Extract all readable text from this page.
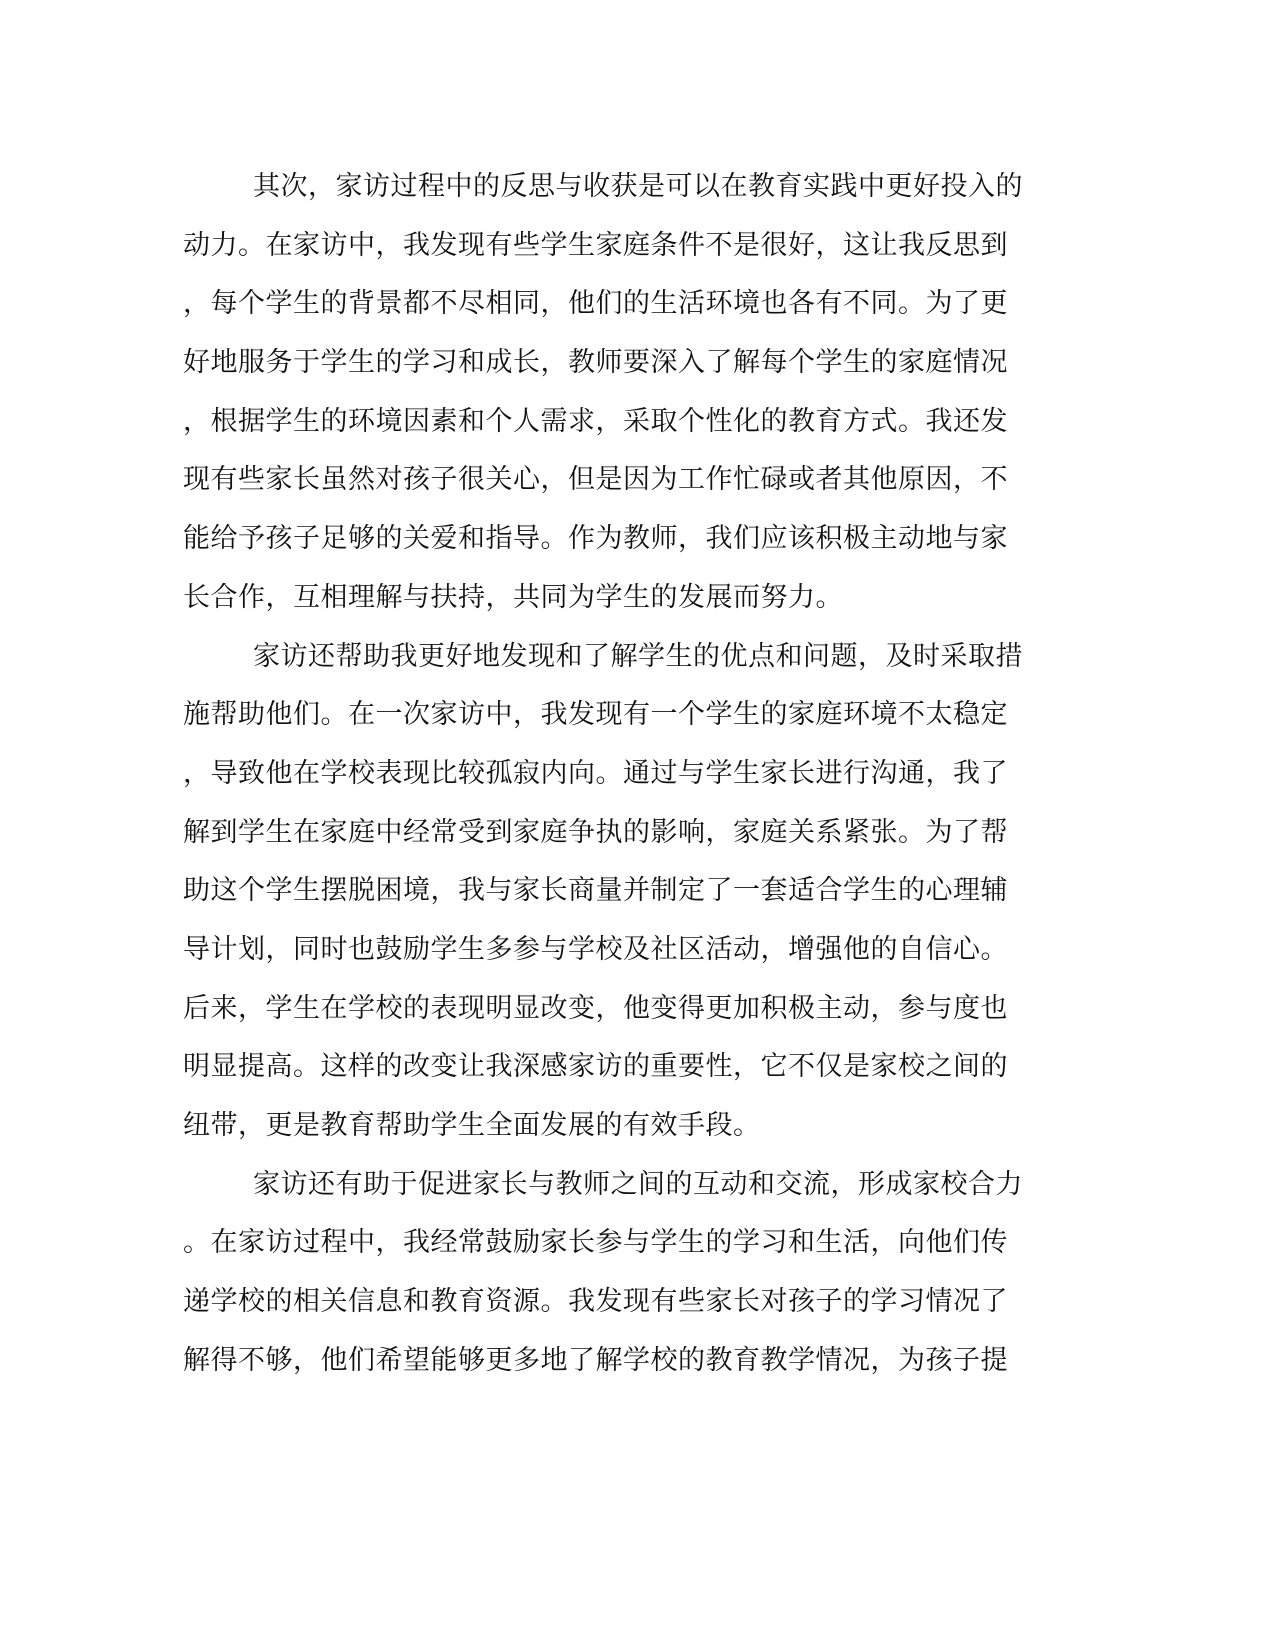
其次，家访过程中的反思与收获是可以在教育实践中更好投入的
动力。在家访中，我发现有些学生家庭条件不是很好，这让我反思到
，每个学生的背景都不尽相同，他们的生活环境也各有不同。为了更
好地服务于学生的学习和成长，教师要深入了解每个学生的家庭情况
，根据学生的环境因素和个人需求，采取个性化的教育方式。我还发
现有些家长虽然对孩子很关心，但是因为工作忙碌或者其他原因，不
能给予孩子足够的关爱和指导。作为教师，我们应该积极主动地与家
长合作，互相理解与扶持，共同为学生的发展而努力。
家访还帮助我更好地发现和了解学生的优点和问题，及时采取措
施帮助他们。在一次家访中，我发现有一个学生的家庭环境不太稳定
，导致他在学校表现比较孤寂内向。通过与学生家长进行沟通，我了
解到学生在家庭中经常受到家庭争执的影响，家庭关系紧张。为了帮
助这个学生摆脱困境，我与家长商量并制定了一套适合学生的心理辅
导计划，同时也鼓励学生多参与学校及社区活动，增强他的自信心。
后来，学生在学校的表现明显改变，他变得更加积极主动，参与度也
明显提高。这样的改变让我深感家访的重要性，它不仅是家校之间的
纽带，更是教育帮助学生全面发展的有效手段。
家访还有助于促进家长与教师之间的互动和交流，形成家校合力
。在家访过程中，我经常鼓励家长参与学生的学习和生活，向他们传
递学校的相关信息和教育资源。我发现有些家长对孩子的学习情况了
解得不够，他们希望能够更多地了解学校的教育教学情况，为孩子提
